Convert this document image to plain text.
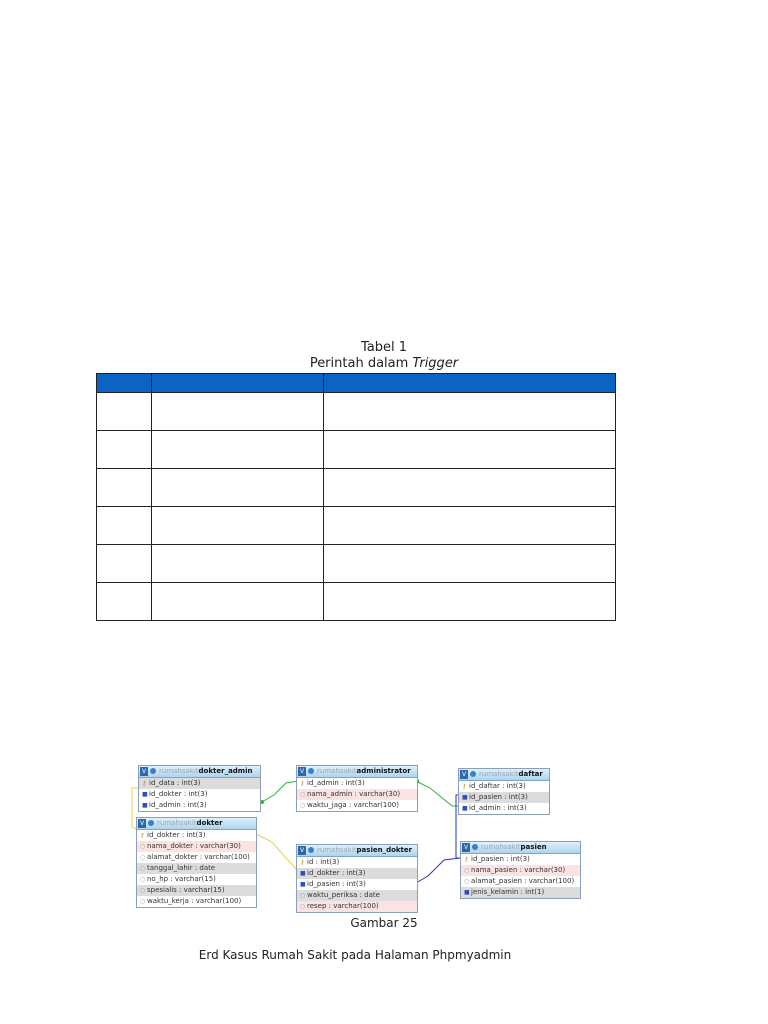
Tabel 1
Perintah dalam Trigger

V rumahsakitdokter_admin
⚷ id_data : int(3)
■id_dokter : int(3)
■id_admin : int(3)
V rumahsakitadministrator
⚷ id_admin : int(3)
○ nama_admin : varchar(30)
○ waktu_jaga : varchar(100)
V rumahsakitdaftar
⚷ id_daftar : int(3)
■id_pasien : int(3)
■id_admin : int(3)
V rumahsakitdokter
⚷ id_dokter : int(3)
○ nama_dokter : varchar(30)
○ alamat_dokter : varchar(100)
○ tanggal_lahir : date
○ no_hp : varchar(15)
○ spesialis : varchar(15)
○ waktu_kerja : varchar(100)
V rumahsakitpasien_dokter
⚷ id : int(3)
■id_dokter : int(3)
■id_pasien : int(3)
○ waktu_periksa : date
○ resep : varchar(100)
V rumahsakitpasien
⚷ id_pasien : int(3)
○ nama_pasien : varchar(30)
○ alamat_pasien : varchar(100)
■jenis_kelamin : int(1)
Gambar 25
Erd Kasus Rumah Sakit pada Halaman Phpmyadmin
